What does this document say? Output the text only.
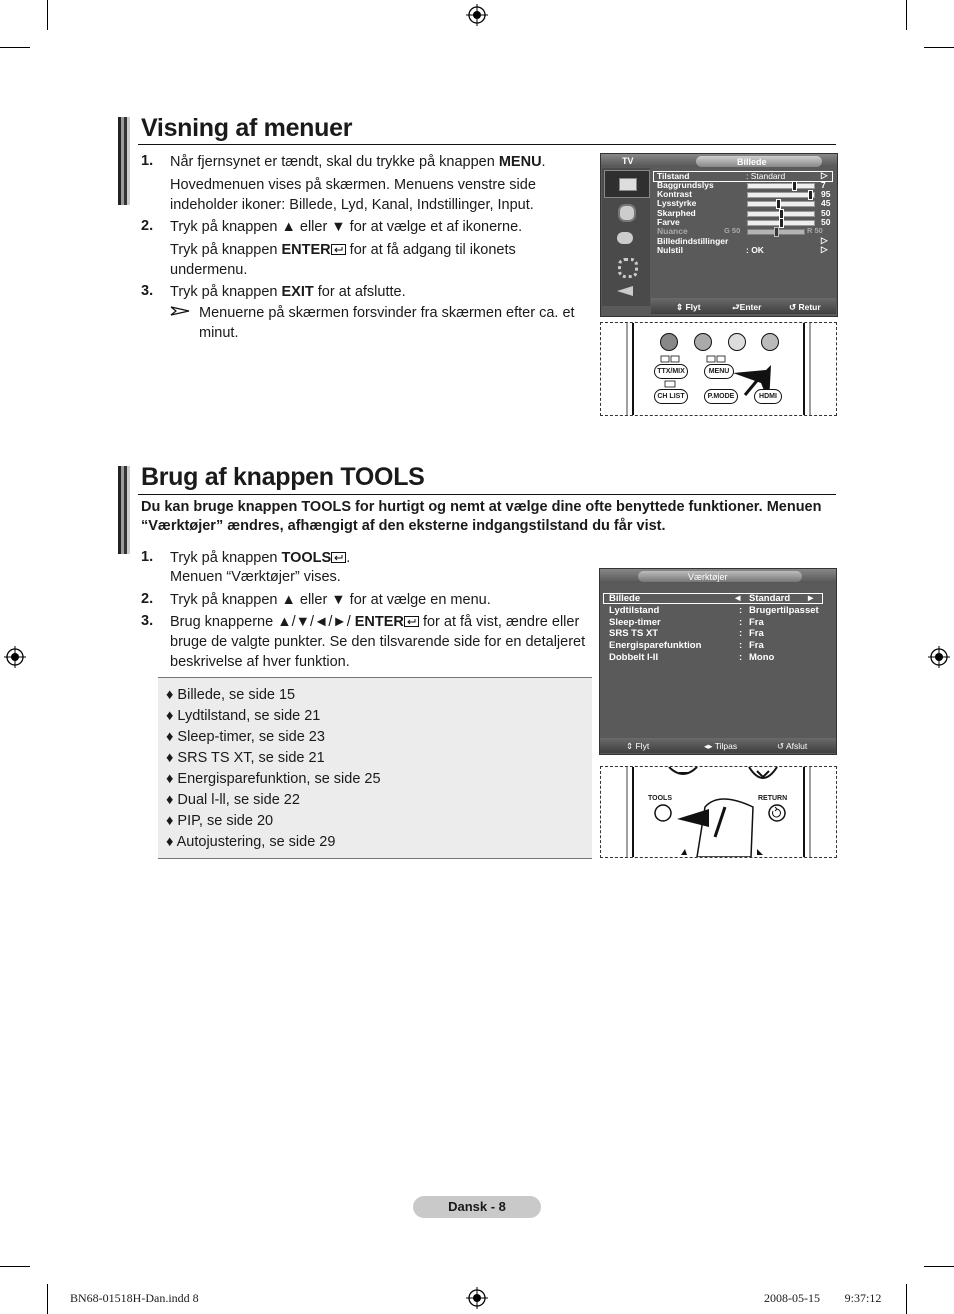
Visning af menuer
1. Når fjernsynet er tændt, skal du trykke på knappen MENU.
Hovedmenuen vises på skærmen. Menuens venstre side indeholder ikoner: Billede, Lyd, Kanal, Indstillinger, Input.
2. Tryk på knappen ▲ eller ▼ for at vælge et af ikonerne.
Tryk på knappen ENTER for at få adgang til ikonets undermenu.
3. Tryk på knappen EXIT for at afslutte.
Menuerne på skærmen forsvinder fra skærmen efter ca. et minut.
TV	Billede
Tilstand	: Standard	▷
Baggrundslys	7
Kontrast	95
Lysstyrke	45
Skarphed	50
Farve	50
Nuance	G 50	R 50
Billedindstillinger	▷
Nulstil	: OK	▷
⇕ Flyt	⮐Enter	↺ Retur
TTX/MIX	MENU
CH LIST	P.MODE	HDMI
Brug af knappen TOOLS
Du kan bruge knappen TOOLS for hurtigt og nemt at vælge dine ofte benyttede funktioner. Menuen “Værktøjer” ændres, afhængigt af den eksterne indgangstilstand du får vist.
1. Tryk på knappen TOOLS .
Menuen “Værktøjer” vises.
2. Tryk på knappen ▲ eller ▼ for at vælge en menu.
3. Brug knapperne ▲/▼/◄/►/ ENTER for at få vist, ændre eller bruge de valgte punkter. Se den tilsvarende side for en detaljeret beskrivelse af hver funktion.
♦ Billede, se side 15
♦ Lydtilstand, se side 21
♦ Sleep-timer, se side 23
♦ SRS TS XT, se side 21
♦ Energisparefunktion, se side 25
♦ Dual l-ll, se side 22
♦ PIP, se side 20
♦ Autojustering, se side 29
Værktøjer
Billede	◄ Standard ►
Lydtilstand	: Brugertilpasset
Sleep-timer	: Fra
SRS TS XT	: Fra
Energisparefunktion	: Fra
Dobbelt I-II	: Mono
⇕ Flyt	◂▸ Tilpas	↺ Afslut
TOOLS	RETURN
Dansk - 8
BN68-01518H-Dan.indd 8	2008-05-15 ￿￿ 9:37:12
